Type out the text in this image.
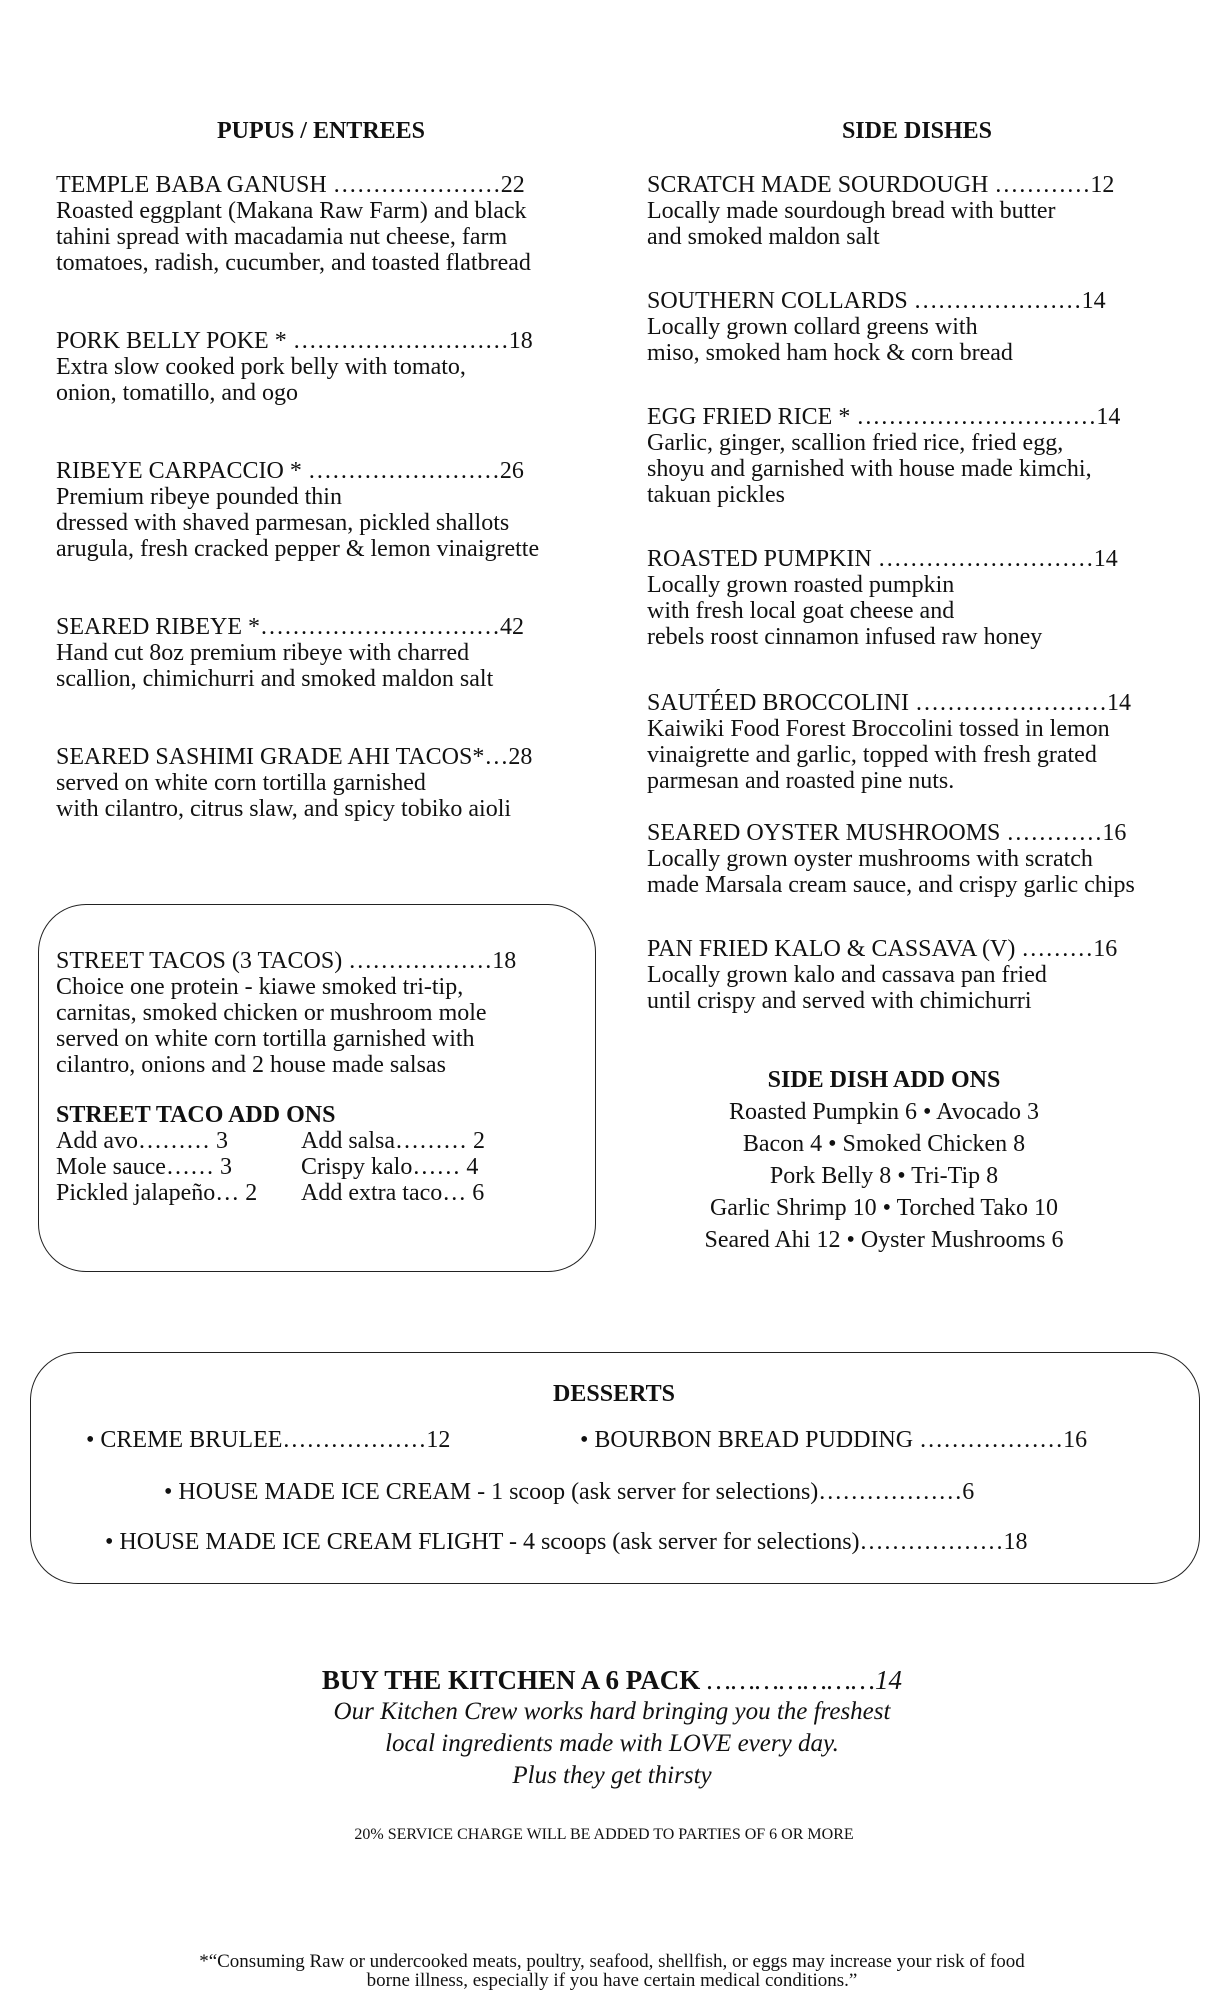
PUPUS / ENTREES	SIDE DISHES
TEMPLE BABA GANUSH …………………22
Roasted eggplant (Makana Raw Farm) and black
tahini spread with macadamia nut cheese, farm
tomatoes, radish, cucumber, and toasted flatbread
PORK BELLY POKE * ………………………18
Extra slow cooked pork belly with tomato,
onion, tomatillo, and ogo
RIBEYE CARPACCIO * ……………………26
Premium ribeye pounded thin
dressed with shaved parmesan, pickled shallots
arugula, fresh cracked pepper & lemon vinaigrette
SEARED RIBEYE *…………………………42
Hand cut 8oz premium ribeye with charred
scallion, chimichurri and smoked maldon salt
SEARED SASHIMI GRADE AHI TACOS*…28
served on white corn tortilla garnished
with cilantro, citrus slaw, and spicy tobiko aioli
STREET TACOS (3 TACOS) ………………18
Choice one protein - kiawe smoked tri-tip,
carnitas, smoked chicken or mushroom mole
served on white corn tortilla garnished with
cilantro, onions and 2 house made salsas
STREET TACO ADD ONS
Add avo……… 3	Add salsa……… 2
Mole sauce…… 3	Crispy kalo…… 4
Pickled jalapeño… 2	Add extra taco… 6
SCRATCH MADE SOURDOUGH …………12
Locally made sourdough bread with butter
and smoked maldon salt
SOUTHERN COLLARDS …………………14
Locally grown collard greens with
miso, smoked ham hock & corn bread
EGG FRIED RICE * …………………………14
Garlic, ginger, scallion fried rice, fried egg,
shoyu and garnished with house made kimchi,
takuan pickles
ROASTED PUMPKIN ………………………14
Locally grown roasted pumpkin
with fresh local goat cheese and
rebels roost cinnamon infused raw honey
SAUTÉED BROCCOLINI ……………………14
Kaiwiki Food Forest Broccolini tossed in lemon
vinaigrette and garlic, topped with fresh grated
parmesan and roasted pine nuts.
SEARED OYSTER MUSHROOMS …………16
Locally grown oyster mushrooms with scratch
made Marsala cream sauce, and crispy garlic chips
PAN FRIED KALO & CASSAVA (V) ………16
Locally grown kalo and cassava pan fried
until crispy and served with chimichurri
SIDE DISH ADD ONS
Roasted Pumpkin 6 • Avocado 3
Bacon 4 • Smoked Chicken 8
Pork Belly 8 • Tri-Tip 8
Garlic Shrimp 10 • Torched Tako 10
Seared Ahi 12 • Oyster Mushrooms 6
DESSERTS
• CREME BRULEE………………12	• BOURBON BREAD PUDDING ………………16
• HOUSE MADE ICE CREAM - 1 scoop (ask server for selections)………………6
• HOUSE MADE ICE CREAM FLIGHT - 4 scoops (ask server for selections)………………18
BUY THE KITCHEN A 6 PACK …………………14
Our Kitchen Crew works hard bringing you the freshest
local ingredients made with LOVE every day.
Plus they get thirsty
20% SERVICE CHARGE WILL BE ADDED TO PARTIES OF 6 OR MORE
*“Consuming Raw or undercooked meats, poultry, seafood, shellfish, or eggs may increase your risk of food
borne illness, especially if you have certain medical conditions.”
